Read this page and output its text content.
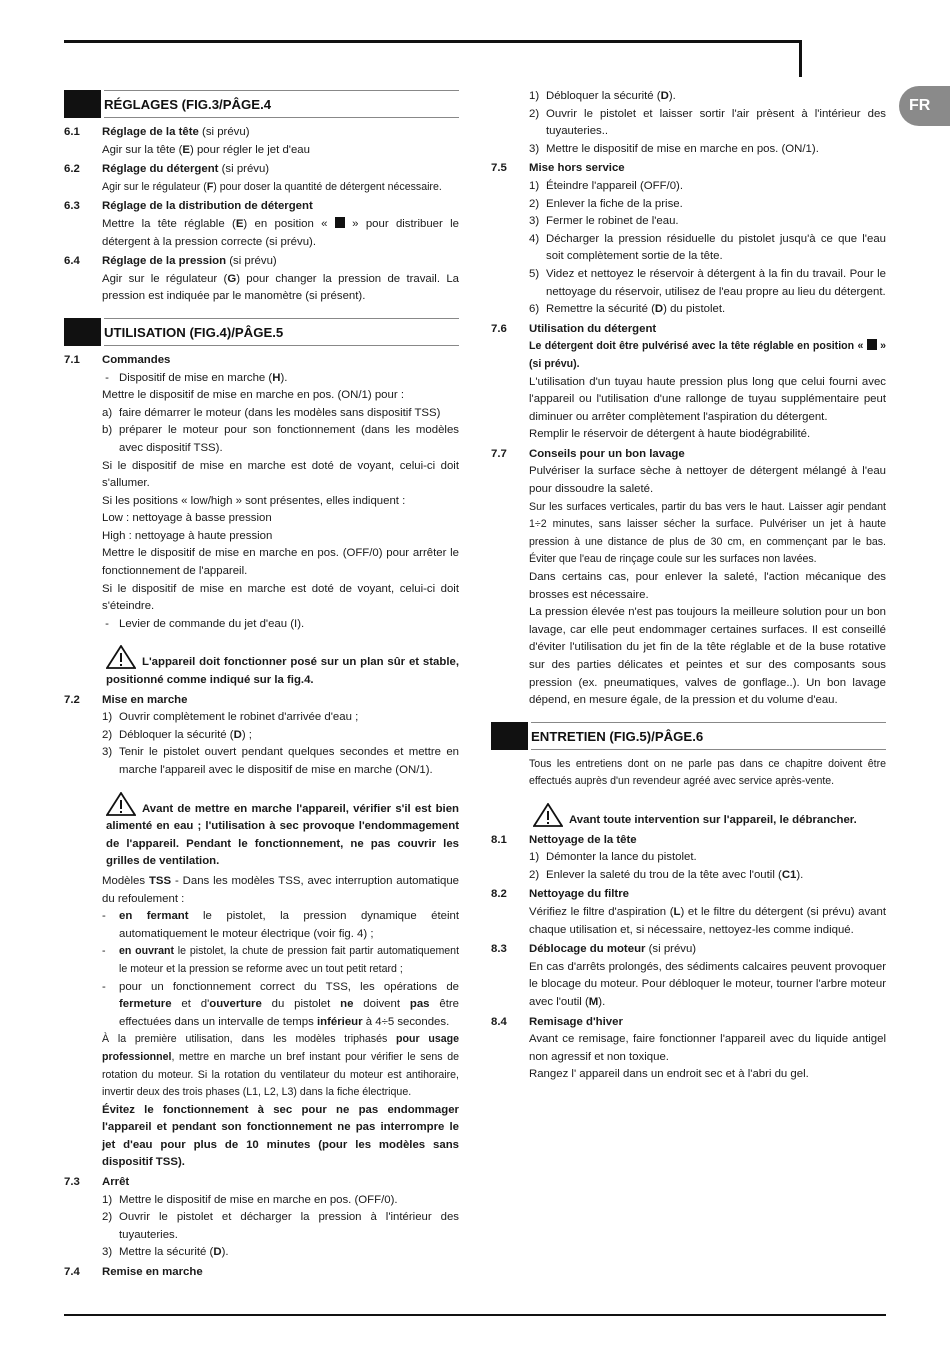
FR
RÉGLAGES (FIG.3/PÂGE.4
6.1	Réglage de la tête (si prévu)
Agir sur la tête (E) pour régler le jet d'eau
6.2	Réglage du détergent (si prévu)
Agir sur le régulateur (F) pour doser la quantité de détergent nécessaire.
6.3	Réglage de la distribution de détergent
Mettre la tête réglable (E) en position «  » pour distribuer le détergent à la pression correcte (si prévu).
6.4	Réglage de la pression (si prévu)
Agir sur le régulateur (G) pour changer la pression de travail. La pression est indiquée par le manomètre (si présent).
UTILISATION (FIG.4)/PÂGE.5
7.1	Commandes
- Dispositif de mise en marche (H).
Mettre le dispositif de mise en marche en pos. (ON/1) pour :
a) faire démarrer le moteur (dans les modèles sans dispositif TSS)
b) préparer le moteur pour son fonctionnement (dans les modèles avec dispositif TSS).
Si le dispositif de mise en marche est doté de voyant, celui-ci doit s'allumer.
Si les positions « low/high » sont présentes, elles indiquent :
Low : nettoyage à basse pression
High : nettoyage à haute pression
Mettre le dispositif de mise en marche en pos. (OFF/0) pour arrêter le fonctionnement de l'appareil.
Si le dispositif de mise en marche est doté de voyant, celui-ci doit s'éteindre.
- Levier de commande du jet d'eau (I).
L'appareil doit fonctionner posé sur un plan sûr et stable, positionné comme indiqué sur la fig.4.
7.2	Mise en marche
1) Ouvrir complètement le robinet d'arrivée d'eau ;
2) Débloquer la sécurité (D) ;
3) Tenir le pistolet ouvert pendant quelques secondes et mettre en marche l'appareil avec le dispositif de mise en marche (ON/1).
Avant de mettre en marche l'appareil, vérifier s'il est bien alimenté en eau ; l'utilisation à sec provoque l'endommagement de l'appareil. Pendant le fonctionnement, ne pas couvrir les grilles de ventilation.
Modèles TSS - Dans les modèles TSS, avec interruption automatique du refoulement :
-	en fermant le pistolet, la pression dynamique éteint automatiquement le moteur électrique (voir fig. 4) ;
-	en ouvrant le pistolet, la chute de pression fait partir automatiquement le moteur et la pression se reforme avec un tout petit retard ;
-	pour un fonctionnement correct du TSS, les opérations de fermeture et d'ouverture du pistolet ne doivent pas être effectuées dans un intervalle de temps inférieur à 4÷5 secondes.
À la première utilisation, dans les modèles triphasés pour usage professionnel, mettre en marche un bref instant pour vérifier le sens de rotation du moteur. Si la rotation du ventilateur du moteur est antihoraire, invertir deux des trois phases (L1, L2, L3) dans la fiche électrique.
Évitez le fonctionnement à sec pour ne pas endommager l'appareil et pendant son fonctionnement ne pas interrompre le jet d'eau pour plus de 10 minutes (pour les modèles sans dispositif TSS).
7.3	Arrêt
1) Mettre le dispositif de mise en marche en pos. (OFF/0).
2) Ouvrir le pistolet et décharger la pression à l'intérieur des tuyauteries.
3) Mettre la sécurité (D).
7.4	Remise en marche
1) Débloquer la sécurité (D).
2) Ouvrir le pistolet et laisser sortir l'air prèsent à l'intérieur des tuyauteries..
3) Mettre le dispositif de mise en marche en pos. (ON/1).
7.5	Mise hors service
1) Éteindre l'appareil (OFF/0).
2) Enlever la fiche de la prise.
3) Fermer le robinet de l'eau.
4) Décharger la pression résiduelle du pistolet jusqu'à ce que l'eau soit complètement sortie de la tête.
5) Videz et nettoyez le réservoir à détergent à la fin du travail. Pour le nettoyage du réservoir, utilisez de l'eau propre au lieu du détergent.
6) Remettre la sécurité (D) du pistolet.
7.6	Utilisation du détergent
Le détergent doit être pulvérisé avec la tête réglable en position «  » (si prévu).
L'utilisation d'un tuyau haute pression plus long que celui fourni avec l'appareil ou l'utilisation d'une rallonge de tuyau supplémentaire peut diminuer ou arrêter complètement l'aspiration du détergent.
Remplir le réservoir de détergent à haute biodégrabilité.
7.7	Conseils pour un bon lavage
Pulvériser la surface sèche à nettoyer de détergent mélangé à l'eau pour dissoudre la saleté.
Sur les surfaces verticales, partir du bas vers le haut. Laisser agir pendant 1÷2 minutes, sans laisser sécher la surface. Pulvériser un jet à haute pression à une distance de plus de 30 cm, en commençant par le bas. Éviter que l'eau de rinçage coule sur les surfaces non lavées.
Dans certains cas, pour enlever la saleté, l'action mécanique des brosses est nécessaire.
La pression élevée n'est pas toujours la meilleure solution pour un bon lavage, car elle peut endommager certaines surfaces. Il est conseillé d'éviter l'utilisation du jet fin de la tête réglable et de la buse rotative sur des parties délicates et peintes et sur des composants sous pression (ex. pneumatiques, valves de gonflage..). Un bon lavage dépend, en mesure égale, de la pression et du volume d'eau.
ENTRETIEN (FIG.5)/PÂGE.6
Tous les entretiens dont on ne parle pas dans ce chapitre doivent être effectués auprès d'un revendeur agréé avec service après-vente.
Avant toute intervention sur l'appareil, le débrancher.
8.1	Nettoyage de la tête
1) Démonter la lance du pistolet.
2) Enlever la saleté du trou de la tête avec l'outil (C1).
8.2	Nettoyage du filtre
Vérifiez le filtre d'aspiration (L) et le filtre du détergent (si prévu) avant chaque utilisation et, si nécessaire, nettoyez-les comme indiqué.
8.3	Déblocage du moteur (si prévu)
En cas d'arrêts prolongés, des sédiments calcaires peuvent provoquer le blocage du moteur. Pour débloquer le moteur, tourner l'arbre moteur avec l'outil (M).
8.4	Remisage d'hiver
Avant ce remisage, faire fonctionner l'appareil avec du liquide antigel non agressif et non toxique.
Rangez l' appareil dans un endroit sec et à l'abri du gel.
